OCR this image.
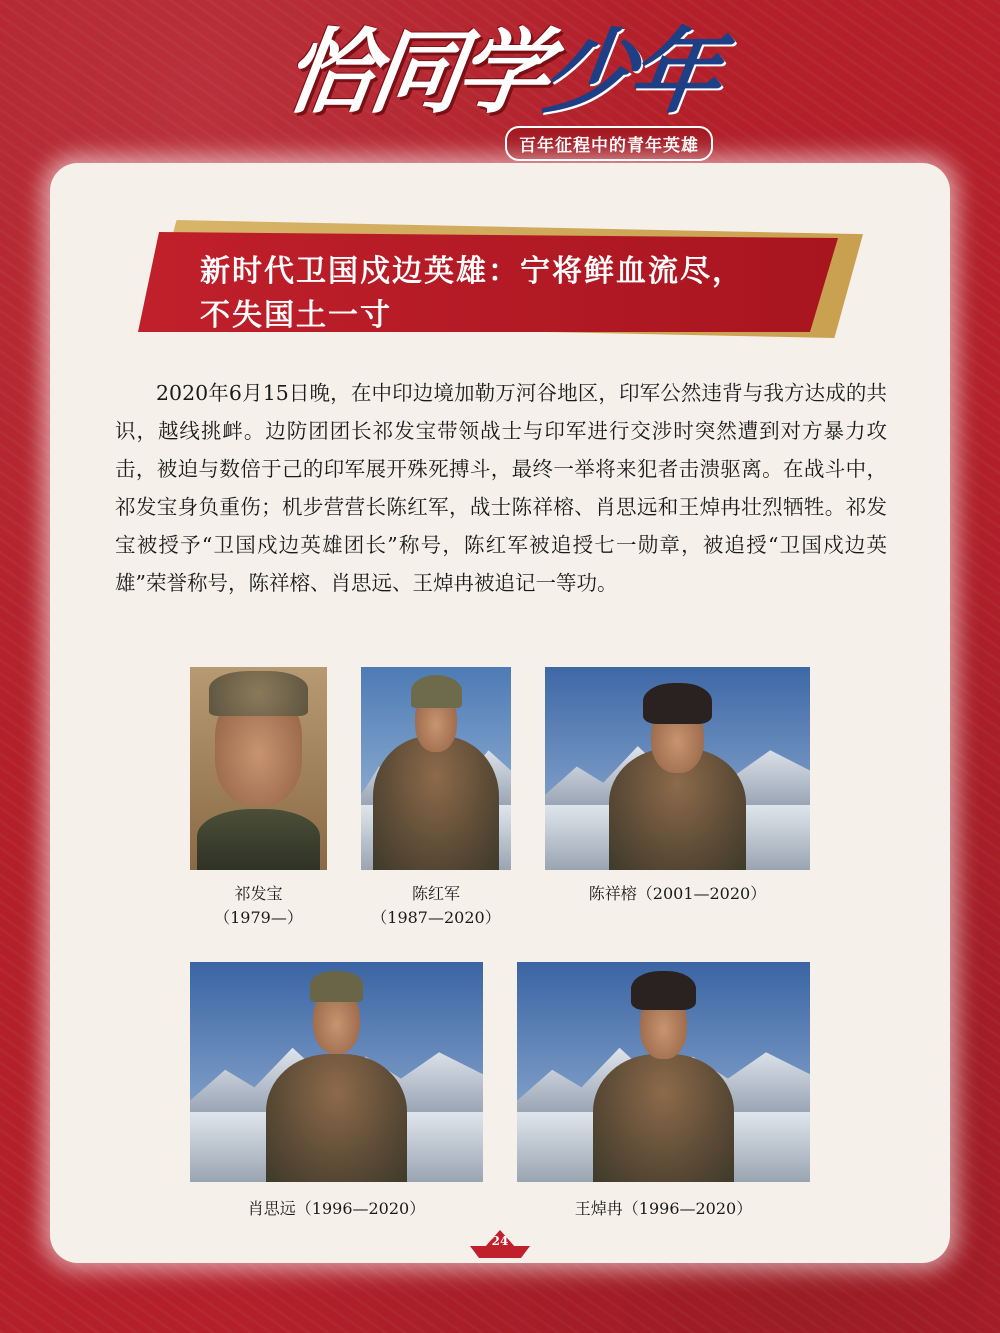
恰同学少年
百年征程中的青年英雄
新时代卫国戍边英雄：宁将鲜血流尽，
不失国土一寸
2020年6月15日晚，在中印边境加勒万河谷地区，印军公然违背与我方达成的共识，越线挑衅。边防团团长祁发宝带领战士与印军进行交涉时突然遭到对方暴力攻击，被迫与数倍于己的印军展开殊死搏斗，最终一举将来犯者击溃驱离。在战斗中，祁发宝身负重伤；机步营营长陈红军，战士陈祥榕、肖思远和王焯冉壮烈牺牲。祁发宝被授予“卫国戍边英雄团长”称号，陈红军被追授七一勋章，被追授“卫国戍边英雄”荣誉称号，陈祥榕、肖思远、王焯冉被追记一等功。
祁发宝
（1979—）
陈红军
（1987—2020）
陈祥榕（2001—2020）
肖思远（1996—2020）	王焯冉（1996—2020）
24
